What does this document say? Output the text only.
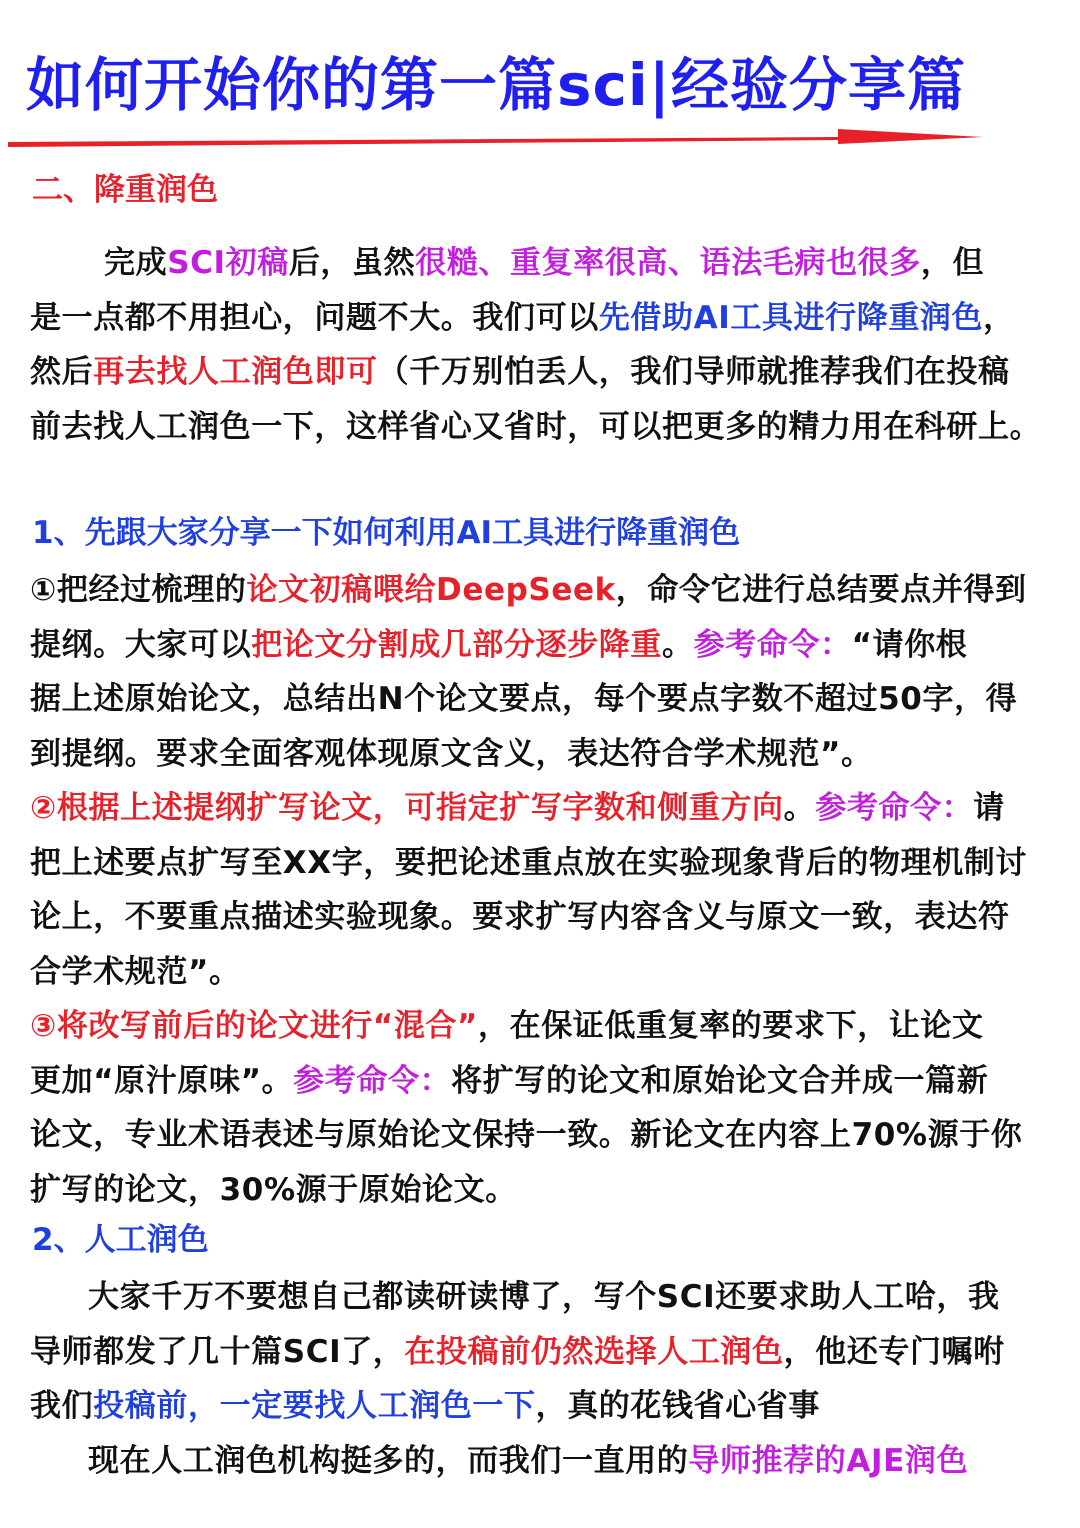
如何开始你的第一篇sci|经验分享篇
二、降重润色
完成SCI初稿后，虽然很糙、重复率很高、语法毛病也很多，但
是一点都不用担心，问题不大。我们可以先借助AI工具进行降重润色，
然后再去找人工润色即可（千万别怕丢人，我们导师就推荐我们在投稿
前去找人工润色一下，这样省心又省时，可以把更多的精力用在科研上。
1、先跟大家分享一下如何利用AI工具进行降重润色
①把经过梳理的论文初稿喂给DeepSeek，命令它进行总结要点并得到
提纲。大家可以把论文分割成几部分逐步降重。参考命令：“请你根
据上述原始论文，总结出N个论文要点，每个要点字数不超过50字，得
到提纲。要求全面客观体现原文含义，表达符合学术规范”。
②根据上述提纲扩写论文，可指定扩写字数和侧重方向。参考命令：请
把上述要点扩写至XX字，要把论述重点放在实验现象背后的物理机制讨
论上，不要重点描述实验现象。要求扩写内容含义与原文一致，表达符
合学术规范”。
③将改写前后的论文进行“混合”，在保证低重复率的要求下，让论文
更加“原汁原味”。参考命令：将扩写的论文和原始论文合并成一篇新
论文，专业术语表述与原始论文保持一致。新论文在内容上70%源于你
扩写的论文，30%源于原始论文。
2、人工润色
大家千万不要想自己都读研读博了，写个SCI还要求助人工哈，我
导师都发了几十篇SCI了，在投稿前仍然选择人工润色，他还专门嘱咐
我们投稿前，一定要找人工润色一下，真的花钱省心省事
现在人工润色机构挺多的，而我们一直用的导师推荐的AJE润色
